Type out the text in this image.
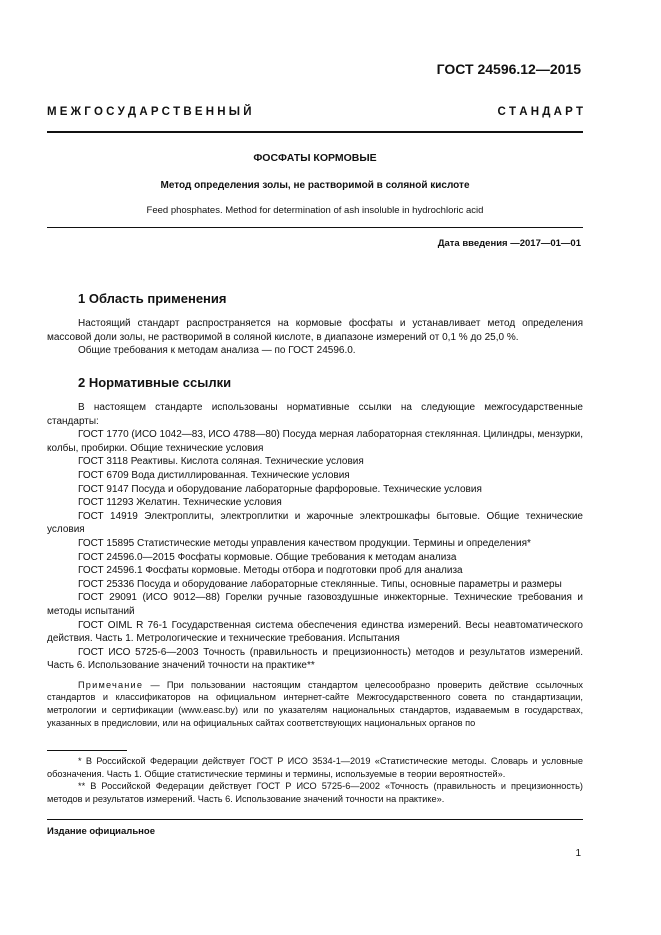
ГОСТ 24596.12—2015
М Е Ж Г О С У Д А Р С Т В Е Н Н Ы Й	С Т А Н Д А Р Т
ФОСФАТЫ КОРМОВЫЕ
Метод определения золы, не растворимой в соляной кислоте
Feed phosphates. Method for determination of ash insoluble in hydrochloric acid
Дата введения —2017—01—01
1 Область применения

Настоящий стандарт распространяется на кормовые фосфаты и устанавливает метод определения массовой доли золы, не растворимой в соляной кислоте, в диапазоне измерений от 0,1 % до 25,0 %.

Общие требования к методам анализа — по ГОСТ 24596.0.

2 Нормативные ссылки

В настоящем стандарте использованы нормативные ссылки на следующие межгосударственные стандарты:

ГОСТ 1770 (ИСО 1042—83, ИСО 4788—80) Посуда мерная лабораторная стеклянная. Цилиндры, мензурки, колбы, пробирки. Общие технические условия

ГОСТ 3118 Реактивы. Кислота соляная. Технические условия

ГОСТ 6709 Вода дистиллированная. Технические условия

ГОСТ 9147 Посуда и оборудование лабораторные фарфоровые. Технические условия

ГОСТ 11293 Желатин. Технические условия

ГОСТ 14919 Электроплиты, электроплитки и жарочные электрошкафы бытовые. Общие технические условия

ГОСТ 15895 Статистические методы управления качеством продукции. Термины и определения*

ГОСТ 24596.0—2015 Фосфаты кормовые. Общие требования к методам анализа

ГОСТ 24596.1 Фосфаты кормовые. Методы отбора и подготовки проб для анализа

ГОСТ 25336 Посуда и оборудование лабораторные стеклянные. Типы, основные параметры и размеры

ГОСТ 29091 (ИСО 9012—88) Горелки ручные газовоздушные инжекторные. Технические требования и методы испытаний

ГОСТ OIML R 76-1 Государственная система обеспечения единства измерений. Весы неавтоматического действия. Часть 1. Метрологические и технические требования. Испытания

ГОСТ ИСО 5725-6—2003 Точность (правильность и прецизионность) методов и результатов измерений. Часть 6. Использование значений точности на практике**

Примечание — При пользовании настоящим стандартом целесообразно проверить действие ссылочных стандартов и классификаторов на официальном интернет-сайте Межгосударственного совета по стандартизации, метрологии и сертификации (www.easc.by) или по указателям национальных стандартов, издаваемым в государствах, указанных в предисловии, или на официальных сайтах соответствующих национальных органов по

* В Российской Федерации действует ГОСТ Р ИСО 3534-1—2019 «Статистические методы. Словарь и условные обозначения. Часть 1. Общие статистические термины и термины, используемые в теории вероятностей».

** В Российской Федерации действует ГОСТ Р ИСО 5725-6—2002 «Точность (правильность и прецизионность) методов и результатов измерений. Часть 6. Использование значений точности на практике».

Издание официальное
1
